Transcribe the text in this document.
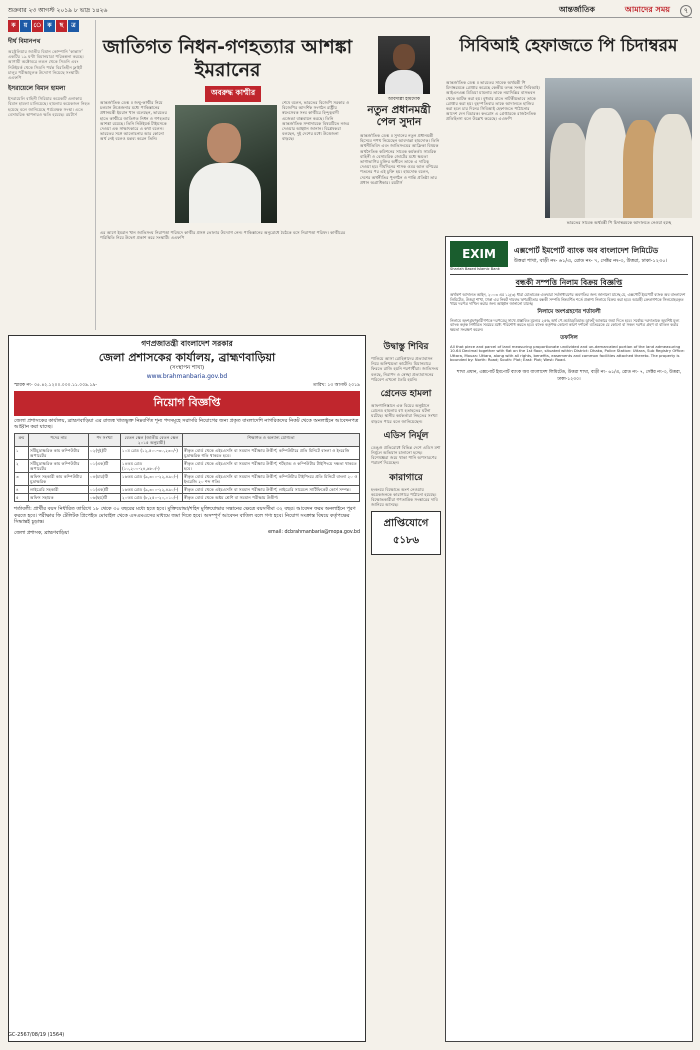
শুক্রবার ২৩ আগস্ট ২০১৯ ৮ ভাদ্র ১৪২৬	আন্তর্জাতিক	আমাদের সময়	৭
ক	য়	ে ক	ছ	ত্র
দীর্ঘ বিমানপথ
অস্ট্রেলিয়ার জাতীয় বিমান কোম্পানি ‘কান্তাস’ একটির ১৯ ঘণ্টা বিমানযাত্রা পরিকল্পনা করছে। আগামী অক্টোবরে লন্ডন থেকে সিডনি এবং নিউইয়র্ক থেকে সিডনি পর্যন্ত বিরতিহীন ফ্লাইট চালুর পরীক্ষামূলক উদ্যোগ নিয়েছে সংস্থাটি। এএফপি
ইসরায়েলে বিমান হামলা
ইসরায়েলি বাহিনী সিরিয়ার কয়েকটি এলাকায় বিমান হামলা চালিয়েছে। হামলায় কয়েকজন নিহত হয়েছে বলে জানিয়েছে পর্যবেক্ষক সংস্থা। এতে বেসামরিক স্থাপনারও ক্ষতি হয়েছে। রয়টার্স
জাতিগত নিধন-গণহত্যার আশঙ্কা ইমরানের
অবরুদ্ধ কাশ্মীর
আন্তর্জাতিক ডেস্ক ॥ জম্মু-কাশ্মীর নিয়ে চলমান উত্তেজনার মধ্যে পাকিস্তানের প্রধানমন্ত্রী ইমরান খান বলেছেন, ভারতের হাতে কাশ্মীরে জাতিগত নিধন ও গণহত্যার আশঙ্কা রয়েছে। তিনি নিউইয়র্ক টাইমসকে দেওয়া এক সাক্ষাৎকারে এ কথা বলেন। ভারতের সঙ্গে আলোচনার আর কোনো অর্থ নেই বলেও মন্তব্য করেন তিনি।
শেষে বলেন, ভারতের বিজেপি সরকার ও বিজেপির আদর্শিক সংগঠন রাষ্ট্রীয় স্বয়ংসেবক সংঘ কাশ্মীরে হিন্দুত্ববাদী এজেন্ডা বাস্তবায়ন করছে। তিনি আন্তর্জাতিক সম্প্রদায়কে বিষয়টিতে নজর দেওয়ার আহ্বান জানান। বিশ্লেষকরা বলছেন, দুই দেশের মধ্যে উত্তেজনা বাড়ছে।
এর আগে ইমরান খান জাতিসংঘ নিরাপত্তা পরিষদে কাশ্মীর প্রসঙ্গ তোলার উদ্যোগ নেন। পাকিস্তানের অনুরোধে বৈঠকে বসে নিরাপত্তা পরিষদ। কাশ্মীরের পরিস্থিতি নিয়ে উদ্বেগ প্রকাশ করে সংস্থাটি। এএফপি
আবদাল্লা হামদোক
নতুন প্রধানমন্ত্রী পেল সুদান
আন্তর্জাতিক ডেস্ক ॥ সুদানের নতুন প্রধানমন্ত্রী হিসেবে শপথ নিয়েছেন আবদাল্লা হামদোক। তিনি অর্থনীতিবিদ এবং জাতিসংঘের আফ্রিকা বিষয়ক অর্থনৈতিক কমিশনের সাবেক কর্মকর্তা। সামরিক বাহিনী ও বেসামরিক জোটের মধ্যে ক্ষমতা ভাগাভাগির চুক্তির অধীনে তাকে এ দায়িত্ব দেওয়া হয়। দীর্ঘদিনের শাসক ওমর আল বশিরের পতনের পর এই চুক্তি হয়। হামদোক বলেন, দেশের অর্থনীতির পুনর্গঠন ও শান্তি প্রতিষ্ঠা তার প্রধান অগ্রাধিকার। রয়টার্স
সিবিআই হেফাজতে পি চিদাম্বরম
আন্তর্জাতিক ডেস্ক ॥ ভারতের সাবেক অর্থমন্ত্রী পি চিদাম্বরমকে গ্রেপ্তার করেছে কেন্দ্রীয় তদন্ত সংস্থা সিবিআই। আইএনএক্স মিডিয়া মামলায় তাকে নয়াদিল্লির বাসভবন থেকে আটক করা হয়। বুধবার রাতে নাটকীয়ভাবে তাকে গ্রেপ্তার করা হয়। বৃহস্পতিবার তাকে আদালতে হাজির করা হলে চার দিনের সিবিআই হেফাজতে পাঠানোর আদেশ দেন বিচারক। কংগ্রেস এ গ্রেপ্তারকে রাজনৈতিক প্রতিহিংসা বলে উল্লেখ করেছে। এএফপি
ভারতের সাবেক অর্থমন্ত্রী পি চিদাম্বরমকে আদালতে নেওয়া হচ্ছে
EXIM
Shariah Based Islamic Bank
এক্সপোর্ট ইমপোর্ট ব্যাংক অব বাংলাদেশ লিমিটেড
উত্তরা শাখা, বাড়ী নং- ৬১/এ, রোড নং- ৭, সেক্টর নং-৩, উত্তরা, ঢাকা-১২৩০।
বন্ধকী সম্পত্তি নিলাম বিক্রয় বিজ্ঞপ্তি
অর্থঋণ আদালত আইন, ২০০৩ এর ১২(৩) ধারা মোতাবেক এতদ্বারা সর্বসাধারণের অবগতির জন্য জানানো যাচ্ছে যে, এক্সপোর্ট ইমপোর্ট ব্যাংক অব বাংলাদেশ লিমিটেড, উত্তরা শাখা, ঢাকা এর নিকট দায়বদ্ধ ঋণগ্রহীতার বন্ধকী সম্পত্তি নিম্নবর্ণিত শর্তে প্রকাশ্য নিলামে বিক্রয় করা হবে। আগ্রহী ক্রেতাগণকে সিলমোহরকৃত খামে দরপত্র দাখিল করার জন্য আহ্বান জানানো যাচ্ছে।
নিলামে অংশগ্রহণের শর্তাবলী
নিলামে অংশগ্রহণকারীগণকে দরপত্রের সাথে প্রস্তাবিত মূল্যের ২৫% অর্থ পে-অর্ডার/ডিমান্ড ড্রাফট আকারে জমা দিতে হবে। সর্বোচ্চ দরদাতাকে অবশিষ্ট মূল্য ব্যাংক কর্তৃক নির্ধারিত সময়ের মধ্যে পরিশোধ করতে হবে। ব্যাংক কর্তৃপক্ষ কোনো কারণ দর্শানো ব্যতিরেকে যে কোনো বা সকল দরপত্র গ্রহণ বা বাতিল করার ক্ষমতা সংরক্ষণ করেন।
তফসিল
All that piece and parcel of land measuring proportionate undivided and un-demarcated portion of the land admeasuring 10.64 Decimal together with flat on the 1st floor, situated within District: Dhaka, Police Station: Uttara, Sub Registry Office: Uttara, Mouza: Uttara, along with all rights, benefits, easements and common facilities attached thereto. The property is bounded by: North: Road; South: Plot; East: Plot; West: Road.
শাখা প্রধান, এক্সপোর্ট ইমপোর্ট ব্যাংক অব বাংলাদেশ লিমিটেড, উত্তরা শাখা, বাড়ী নং- ৬১/এ, রোড নং- ৭, সেক্টর নং-৩, উত্তরা, ঢাকা-১২৩০।
গণপ্রজাতন্ত্রী বাংলাদেশ সরকার
জেলা প্রশাসকের কার্যালয়, ব্রাহ্মণবাড়িয়া
(সংস্থাপন শাখা)
www.brahmanbaria.gov.bd
স্মারক নং- ০৫.৪২.১২০০.০০০.১১.০০৯.১৯-	তারিখ: ১৩ আগস্ট ২০১৯
নিয়োগ বিজ্ঞপ্তি
জেলা প্রশাসকের কার্যালয়, ব্রাহ্মণবাড়িয়া এর রাজস্ব খাতভুক্ত নিম্নবর্ণিত শূন্য পদসমূহে সরাসরি নিয়োগের জন্য প্রকৃত বাংলাদেশি নাগরিকদের নিকট থেকে অনলাইনে আবেদনপত্র আহ্বান করা যাচ্ছে।
ক্রম	পদের নাম	পদ সংখ্যা	বেতন স্কেল (জাতীয় বেতন স্কেল ২০১৫ অনুযায়ী)	শিক্ষাগত ও অন্যান্য যোগ্যতা
১	সাঁটমুদ্রাক্ষরিক কাম কম্পিউটার অপারেটর	০২(দুই)টি	১০ম গ্রেড (১২,৫০০-৩০,২৩০/-)	স্বীকৃত বোর্ড থেকে এইচএসসি বা সমমান পরীক্ষায় উত্তীর্ণ; কম্পিউটারে প্রতি মিনিটে বাংলা ও ইংরেজি মুদ্রাক্ষরিক গতি থাকতে হবে।
২	সাঁটমুদ্রাক্ষরিক কাম কম্পিউটার অপারেটর	০১(এক)টি	১৪তম গ্রেড (১০,২০০-২৪,৬৮০/-)	স্বীকৃত বোর্ড থেকে এইচএসসি বা সমমান পরীক্ষায় উত্তীর্ণ; শর্টহ্যান্ড ও কম্পিউটার টাইপিংয়ে দক্ষতা থাকতে হবে।
৩	অফিস সহকারী কাম কম্পিউটার মুদ্রাক্ষরিক	০৪(চার)টি	১৬তম গ্রেড (৯,৩০০-২২,৪৯০/-)	স্বীকৃত বোর্ড থেকে এইচএসসি বা সমমান পরীক্ষায় উত্তীর্ণ; কম্পিউটার টাইপিংয়ে প্রতি মিনিটে বাংলা ২০ ও ইংরেজি ২০ শব্দ গতি।
৪	লাইব্রেরি সহকারী	০১(এক)টি	১৬তম গ্রেড (৯,৩০০-২২,৪৯০/-)	স্বীকৃত বোর্ড থেকে এইচএসসি বা সমমান পরীক্ষায় উত্তীর্ণ; লাইব্রেরি সায়েন্সে সার্টিফিকেট কোর্স সম্পন্ন।
৫	অফিস সহায়ক	০৬(ছয়)টি	২০তম গ্রেড (৮,২৫০-২০,০১০/-)	স্বীকৃত বোর্ড থেকে অষ্টম শ্রেণি বা সমমান পরীক্ষায় উত্তীর্ণ।
শর্তাবলী: প্রার্থীর বয়স নির্ধারিত তারিখে ১৮ থেকে ৩০ বছরের মধ্যে হতে হবে। মুক্তিযোদ্ধা/শহিদ মুক্তিযোদ্ধার সন্তানের ক্ষেত্রে বয়সসীমা ৩২ বছর। আবেদন ফরম অনলাইনে পূরণ করতে হবে। পরীক্ষার ফি টেলিটক প্রিপেইড মোবাইল থেকে এসএমএসের মাধ্যমে জমা দিতে হবে। অসম্পূর্ণ আবেদন বাতিল বলে গণ্য হবে। নিয়োগ সংক্রান্ত বিষয়ে কর্তৃপক্ষের সিদ্ধান্তই চূড়ান্ত।
জেলা প্রশাসক, ব্রাহ্মণবাড়িয়া	email: dcbrahmanbaria@mopa.gov.bd
GC-2567/08/19 (1564)
উদ্বাস্তু শিবির
পালিয়ে আসা রোহিঙ্গাদের প্রত্যাবাসন নিয়ে অনিশ্চয়তা কাটেনি। মিয়ানমারে ফিরতে রাজি হয়নি শরণার্থীরা। জাতিসংঘ বলছে, নিরাপদ ও স্বেচ্ছা প্রত্যাবাসনের পরিবেশ এখনো তৈরি হয়নি।
গ্রেনেড হামলা
আফগানিস্তানে এক বিয়ের অনুষ্ঠানে গ্রেনেড হামলায় বহু হতাহতের ঘটনা ঘটেছে। স্থানীয় কর্মকর্তারা নিহতের সংখ্যা বাড়তে পারে বলে জানিয়েছেন।
এডিস নির্মূল
ডেঙ্গু প্রতিরোধে বিভিন্ন দেশে এডিস মশা নির্মূলে অভিযান চালানো হচ্ছে। বিশেষজ্ঞরা জমে থাকা পানি অপসারণের পরামর্শ দিয়েছেন।
কারাগারে
হংকংয়ে বিক্ষোভে অংশ নেওয়ায় কয়েকজনকে কারাগারে পাঠানো হয়েছে। বিক্ষোভকারীরা গণতান্ত্রিক সংস্কারের দাবি জানিয়ে আসছে।
প্রাপ্তিযোগে ৫১৮৬
